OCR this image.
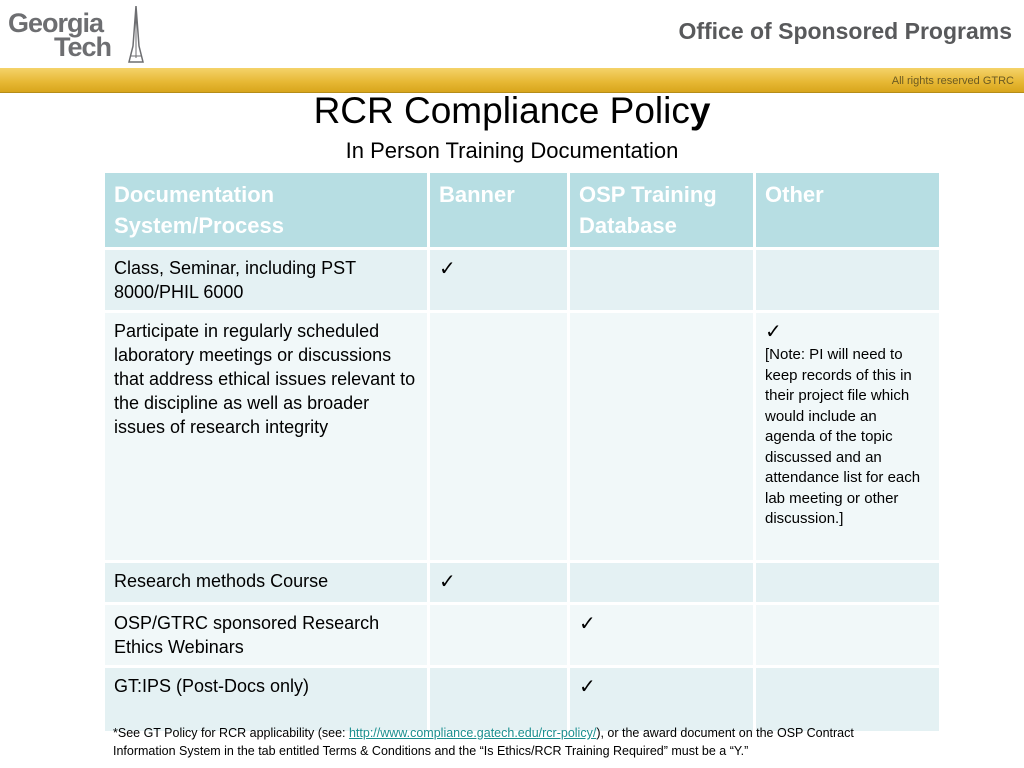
Georgia
Tech
Office of Sponsored Programs
All rights reserved GTRC
RCR Compliance Policy
In Person Training Documentation
Documentation System/Process	Banner	OSP Training Database	Other
Class, Seminar, including PST 8000/PHIL 6000	✓		
Participate in regularly scheduled laboratory meetings or discussions that address ethical issues relevant to the discipline as well as broader issues of research integrity			✓
[Note: PI will need to keep records of this in their project file which would include an agenda of the topic discussed and an attendance list for each lab meeting or other discussion.]

Research methods Course	✓		
OSP/GTRC sponsored Research Ethics Webinars		✓	
GT:IPS (Post-Docs only)		✓	
*See GT Policy for RCR applicability (see: http://www.compliance.gatech.edu/rcr-policy/), or the award document on the OSP Contract Information System in the tab entitled Terms & Conditions and the “Is Ethics/RCR Training Required” must be a “Y.”
